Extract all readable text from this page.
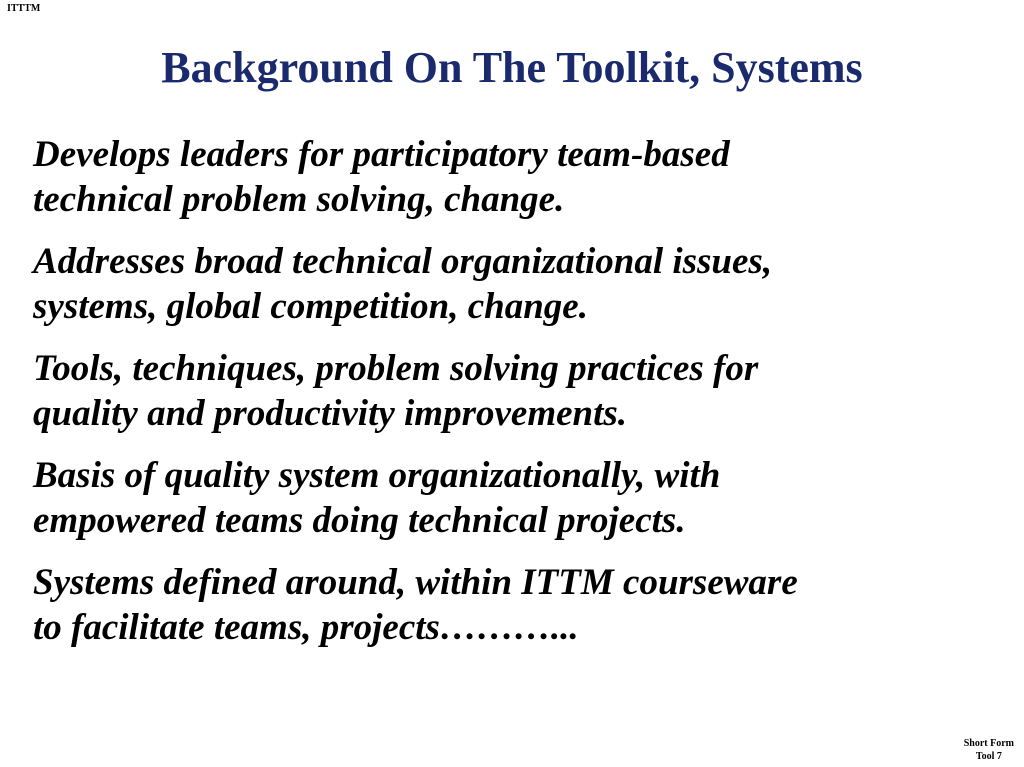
ITTTM
Background On The Toolkit, Systems
Develops leaders for participatory team-based
technical problem solving, change.
Addresses broad technical organizational issues,
systems, global competition, change.
Tools, techniques, problem solving practices for
quality and productivity improvements.
Basis of quality system organizationally, with
empowered teams doing technical projects.
Systems defined around, within ITTM courseware
to facilitate teams, projects………...
Short Form
Tool 7
